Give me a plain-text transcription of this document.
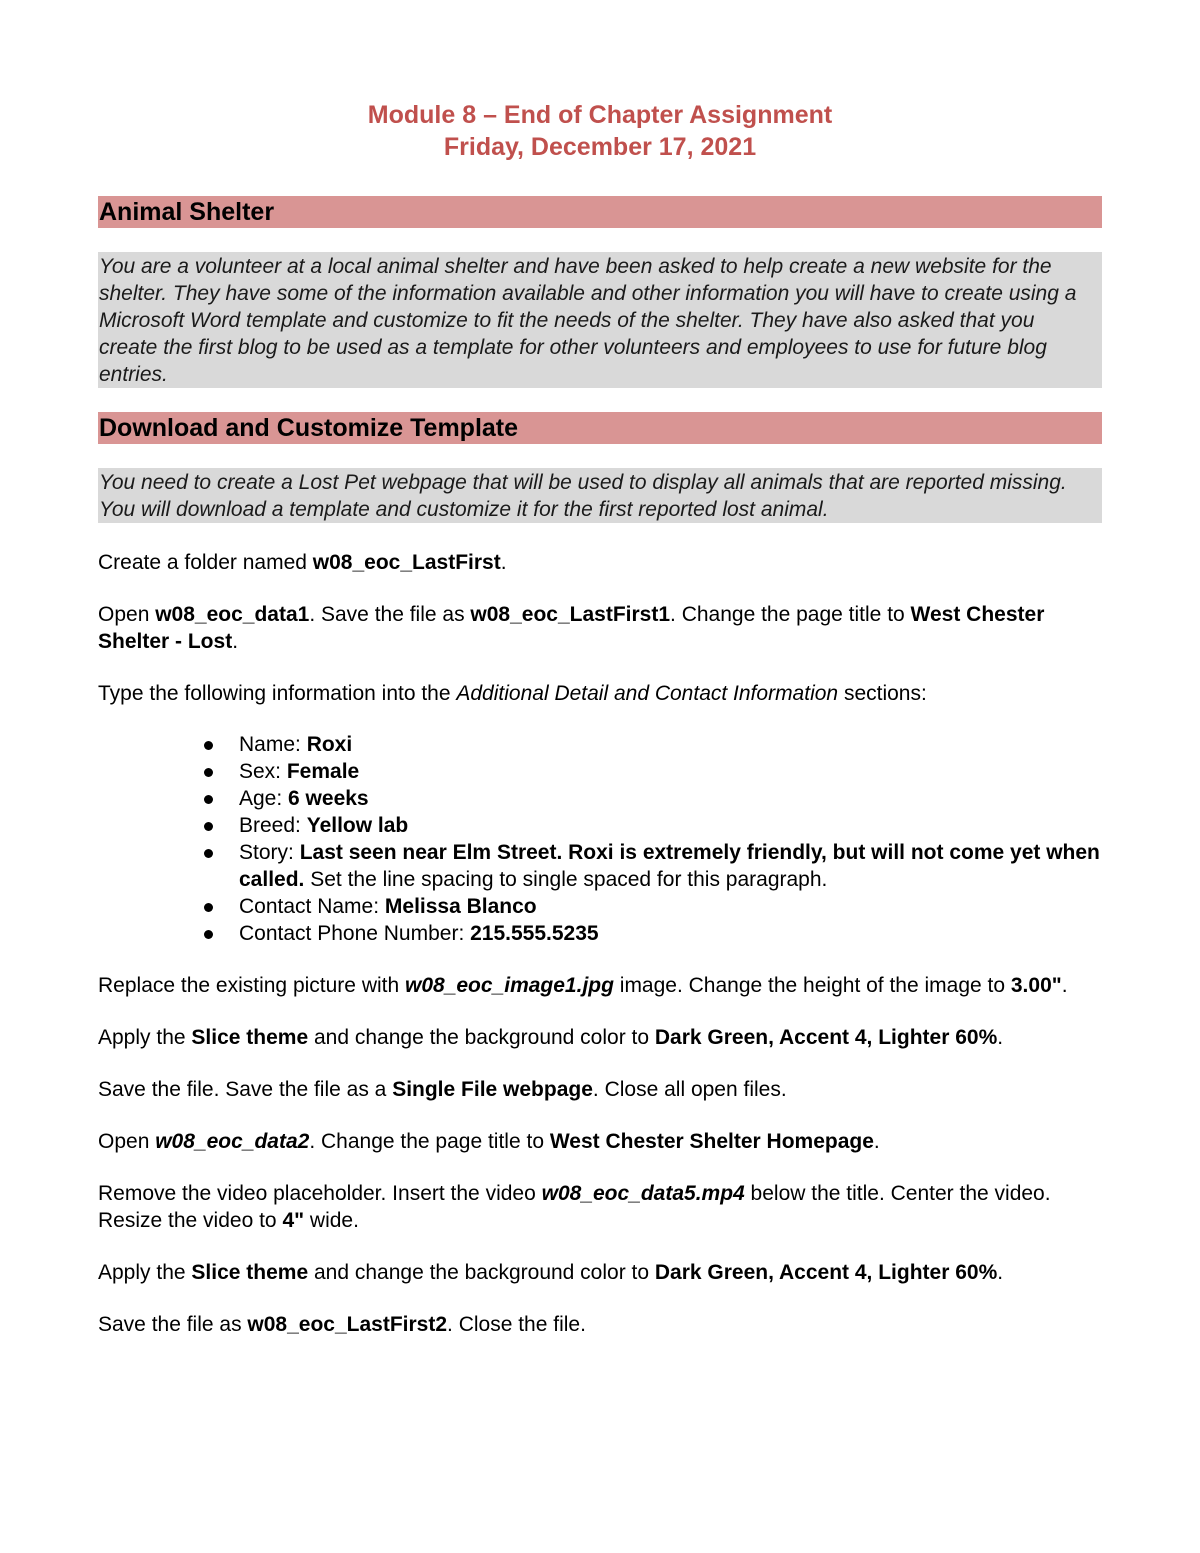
Module 8 – End of Chapter Assignment
Friday, December 17, 2021
Animal Shelter
You are a volunteer at a local animal shelter and have been asked to help create a new website for the shelter. They have some of the information available and other information you will have to create using a Microsoft Word template and customize to fit the needs of the shelter. They have also asked that you create the first blog to be used as a template for other volunteers and employees to use for future blog entries.
Download and Customize Template
You need to create a Lost Pet webpage that will be used to display all animals that are reported missing. You will download a template and customize it for the first reported lost animal.

Create a folder named w08_eoc_LastFirst.

Open w08_eoc_data1. Save the file as w08_eoc_LastFirst1. Change the page title to West Chester Shelter - Lost.

Type the following information into the Additional Detail and Contact Information sections:

Name: Roxi
Sex: Female
Age: 6 weeks
Breed: Yellow lab
Story: Last seen near Elm Street. Roxi is extremely friendly, but will not come yet when called. Set the line spacing to single spaced for this paragraph.
Contact Name: Melissa Blanco
Contact Phone Number: 215.555.5235

Replace the existing picture with w08_eoc_image1.jpg image. Change the height of the image to 3.00".

Apply the Slice theme and change the background color to Dark Green, Accent 4, Lighter 60%.

Save the file. Save the file as a Single File webpage. Close all open files.

Open w08_eoc_data2. Change the page title to West Chester Shelter Homepage.

Remove the video placeholder. Insert the video w08_eoc_data5.mp4 below the title. Center the video. Resize the video to 4" wide.

Apply the Slice theme and change the background color to Dark Green, Accent 4, Lighter 60%.

Save the file as w08_eoc_LastFirst2. Close the file.
